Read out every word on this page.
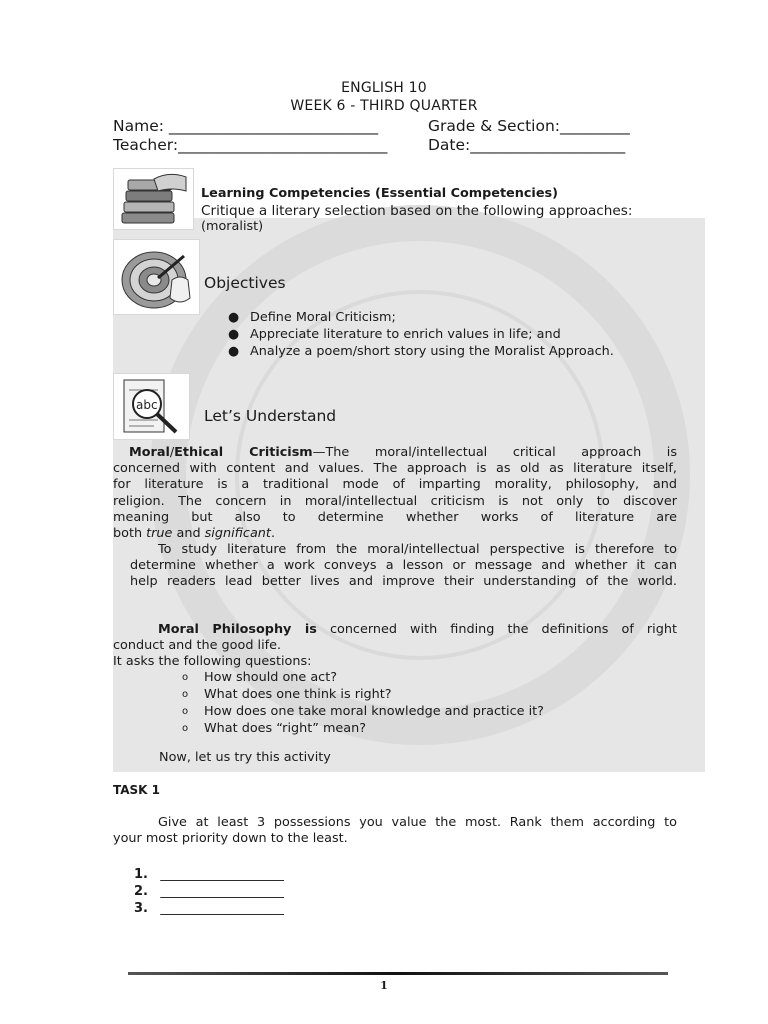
ENGLISH 10
WEEK 6 - THIRD QUARTER
Name: ___________________________	Grade & Section:_________
Teacher:___________________________	Date:____________________
Learning Competencies (Essential Competencies)
Critique a literary selection based on the following approaches:
(moralist)
Objectives
● Define Moral Criticism;
● Appreciate literature to enrich values in life; and
● Analyze a poem/short story using the Moralist Approach.
abc
Let’s Understand
Moral/Ethical Criticism—The moral/intellectual critical approach is
concerned with content and values. The approach is as old as literature itself,
for literature is a traditional mode of imparting morality, philosophy, and
religion. The concern in moral/intellectual criticism is not only to discover
meaning but also to determine whether works of literature are
both true and significant.
To study literature from the moral/intellectual perspective is therefore to
determine whether a work conveys a lesson or message and whether it can
help readers lead better lives and improve their understanding of the world.
Moral Philosophy is concerned with finding the definitions of right
conduct and the good life.
It asks the following questions:
o How should one act?
o What does one think is right?
o How does one take moral knowledge and practice it?
o What does “right” mean?
Now, let us try this activity
TASK 1
Give at least 3 possessions you value the most. Rank them according to
your most priority down to the least.
1. ___________________
2. ___________________
3. ___________________
1
